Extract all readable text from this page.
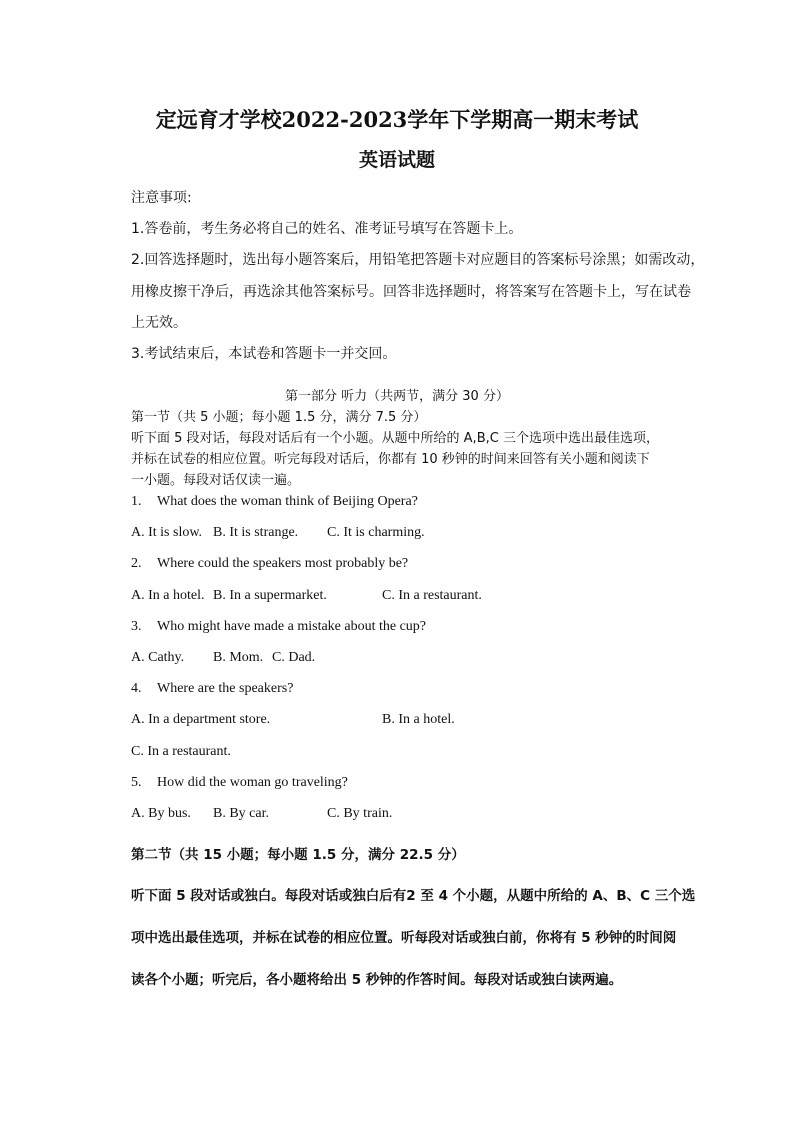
定远育才学校2022-2023学年下学期高一期末考试
英语试题
注意事项:
1.答卷前，考生务必将自己的姓名、准考证号填写在答题卡上。
2.回答选择题时，选出每小题答案后，用铅笔把答题卡对应题目的答案标号涂黑；如需改动，
用橡皮擦干净后，再选涂其他答案标号。回答非选择题时，将答案写在答题卡上，写在试卷
上无效。
3.考试结束后，本试卷和答题卡一并交回。
第一部分 听力（共两节，满分 30 分）
第一节（共 5 小题；每小题 1.5 分，满分 7.5 分）
听下面 5 段对话，每段对话后有一个小题。从题中所给的 A,B,C 三个选项中选出最佳选项，
并标在试卷的相应位置。听完每段对话后，你都有 10 秒钟的时间来回答有关小题和阅读下
一小题。每段对话仅读一遍。
1. What does the woman think of Beijing Opera?
A. It is slow. B. It is strange. C. It is charming.
2. Where could the speakers most probably be?
A. In a hotel. B. In a supermarket.	C. In a restaurant.
3. Who might have made a mistake about the cup?
A. Cathy. B. Mom. C. Dad.
4. Where are the speakers?
A. In a department store.	B. In a hotel.
C. In a restaurant.
5. How did the woman go traveling?
A. By bus. B. By car.	C. By train.
第二节（共 15 小题；每小题 1.5 分，满分 22.5 分）
听下面 5 段对话或独白。每段对话或独白后有2 至 4 个小题，从题中所给的 A、B、C 三个选
项中选出最佳选项，并标在试卷的相应位置。听每段对话或独白前，你将有 5 秒钟的时间阅
读各个小题；听完后，各小题将给出 5 秒钟的作答时间。每段对话或独白读两遍。
